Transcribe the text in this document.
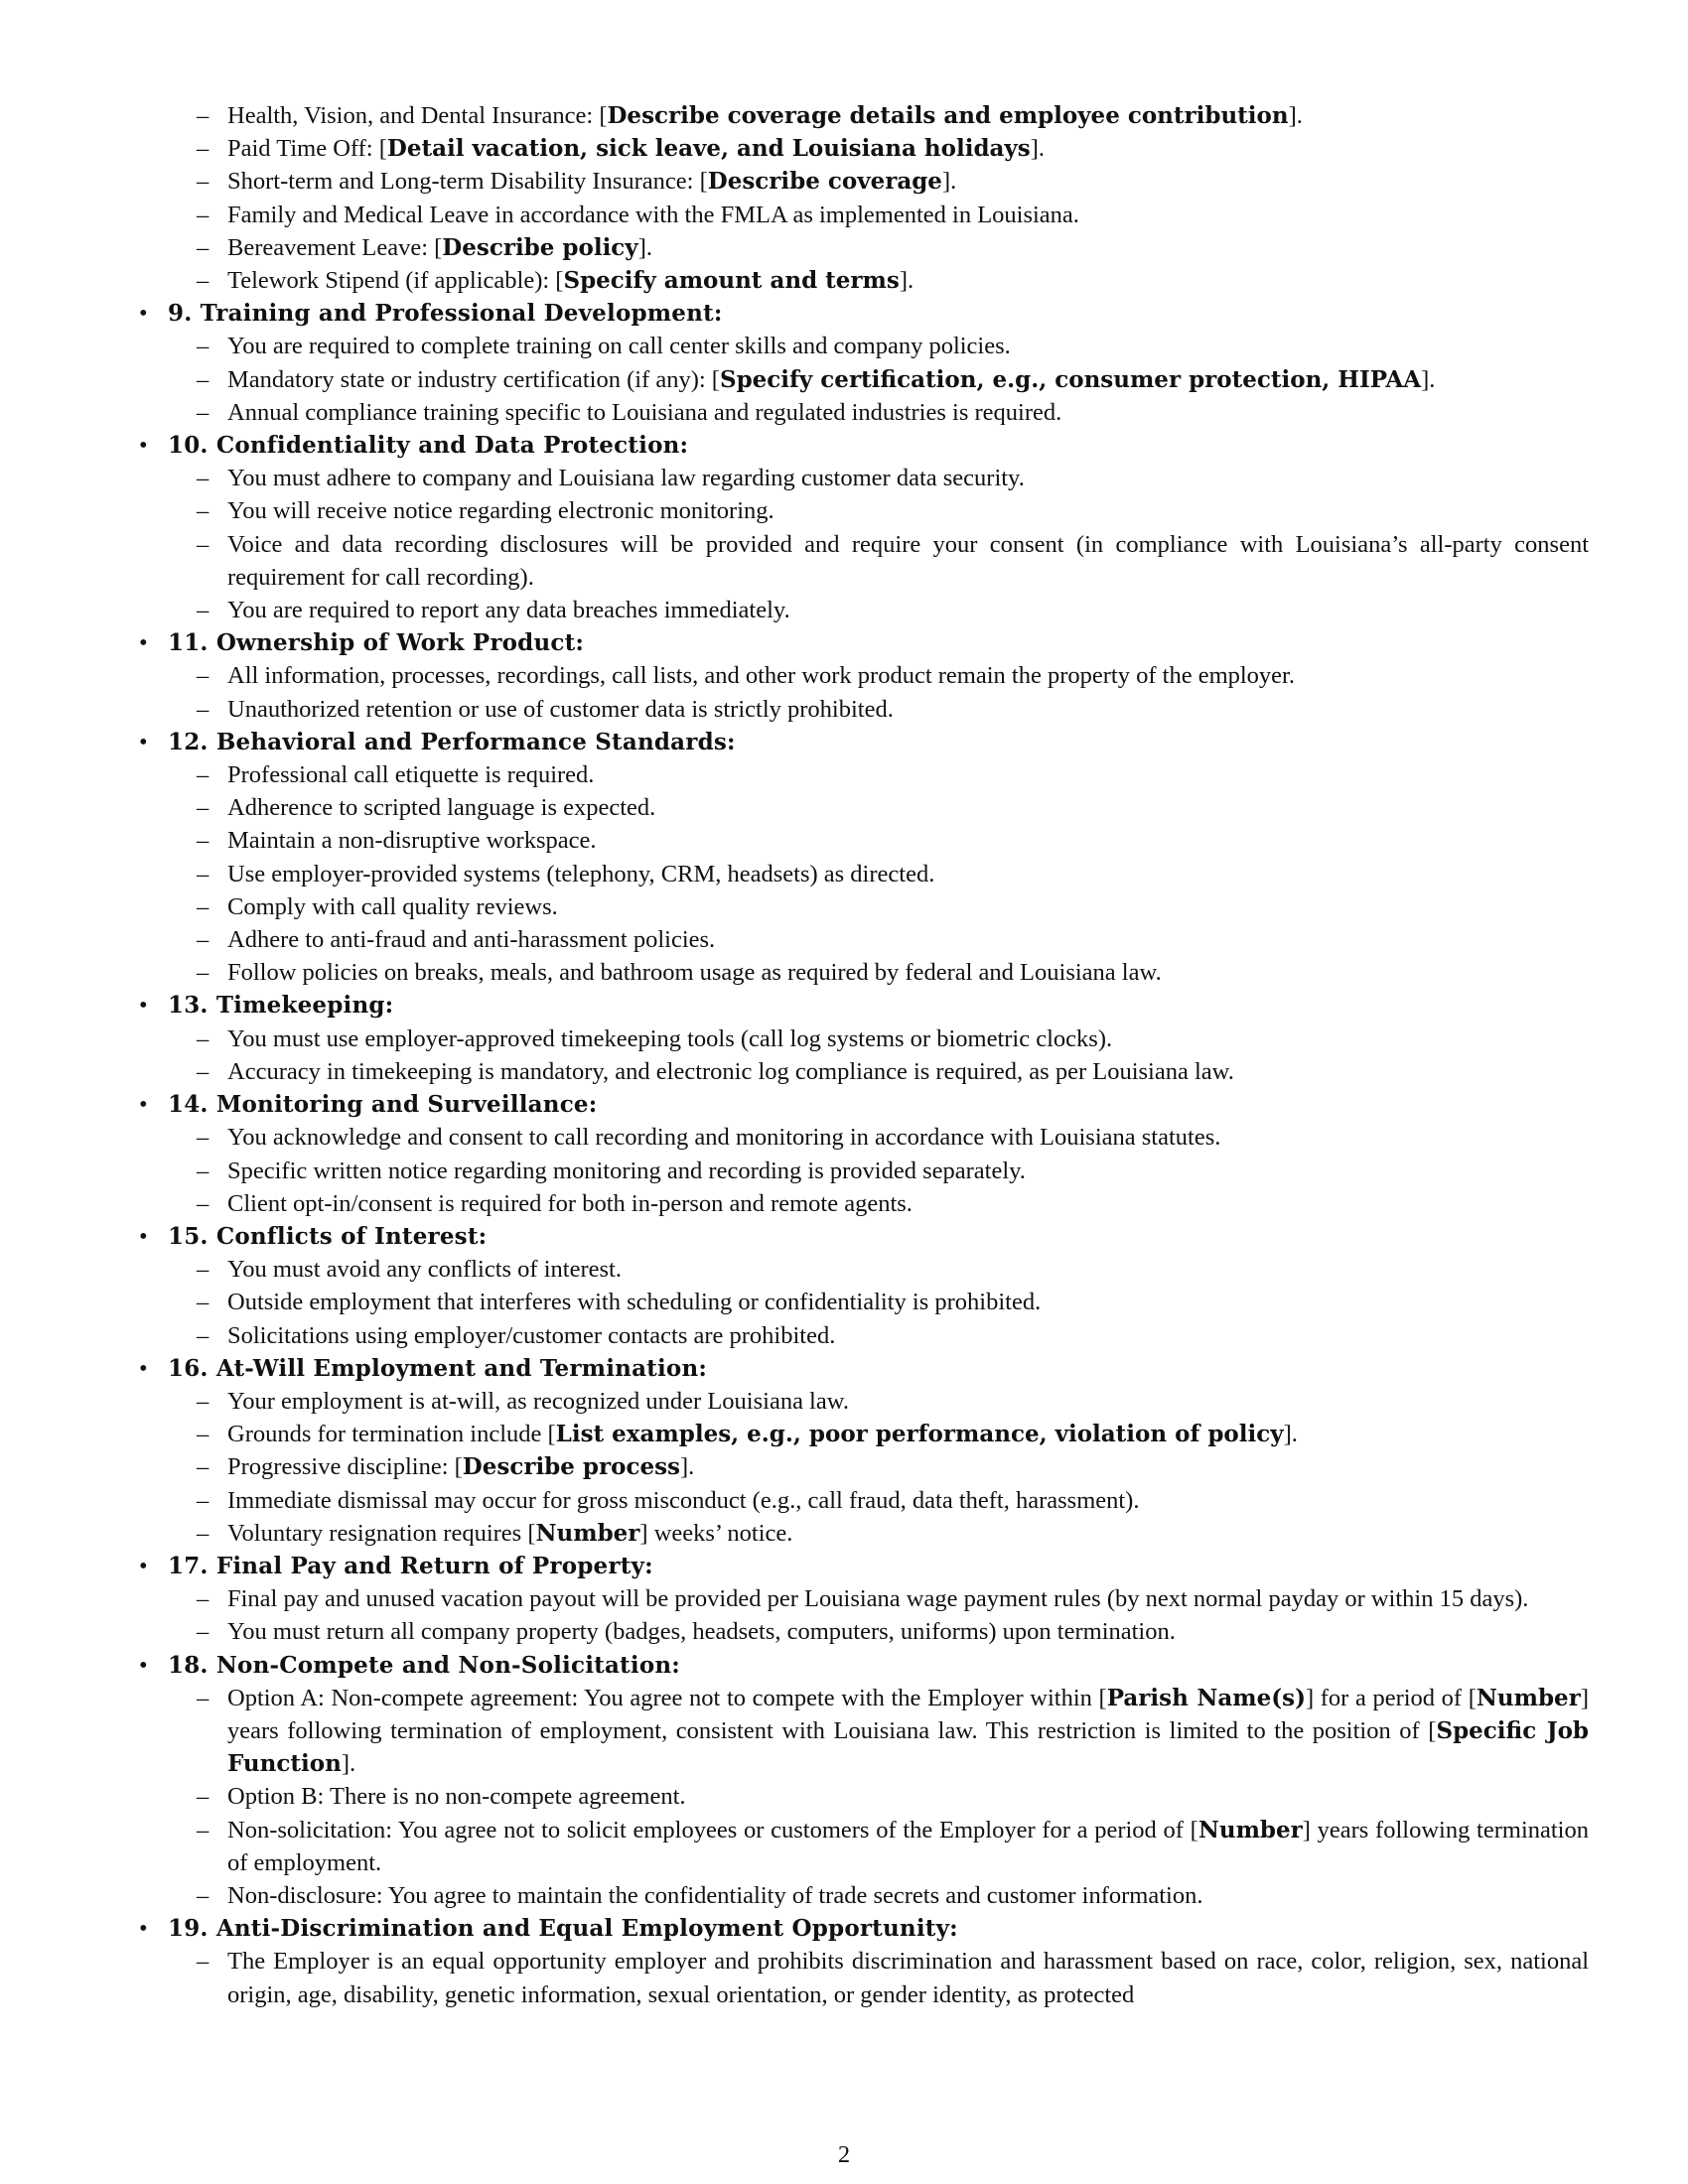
– Health, Vision, and Dental Insurance: [Describe coverage details and employee contribution].
– Paid Time Off: [Detail vacation, sick leave, and Louisiana holidays].
– Short-term and Long-term Disability Insurance: [Describe coverage].
– Family and Medical Leave in accordance with the FMLA as implemented in Louisiana.
– Bereavement Leave: [Describe policy].
– Telework Stipend (if applicable): [Specify amount and terms].
• 9. Training and Professional Development:
– You are required to complete training on call center skills and company policies.
– Mandatory state or industry certification (if any): [Specify certification, e.g., consumer protection, HIPAA].
– Annual compliance training specific to Louisiana and regulated industries is required.
• 10. Confidentiality and Data Protection:
– You must adhere to company and Louisiana law regarding customer data security.
– You will receive notice regarding electronic monitoring.
– Voice and data recording disclosures will be provided and require your consent (in compliance with Louisiana’s all-party consent requirement for call recording).
– You are required to report any data breaches immediately.
• 11. Ownership of Work Product:
– All information, processes, recordings, call lists, and other work product remain the property of the employer.
– Unauthorized retention or use of customer data is strictly prohibited.
• 12. Behavioral and Performance Standards:
– Professional call etiquette is required.
– Adherence to scripted language is expected.
– Maintain a non-disruptive workspace.
– Use employer-provided systems (telephony, CRM, headsets) as directed.
– Comply with call quality reviews.
– Adhere to anti-fraud and anti-harassment policies.
– Follow policies on breaks, meals, and bathroom usage as required by federal and Louisiana law.
• 13. Timekeeping:
– You must use employer-approved timekeeping tools (call log systems or biometric clocks).
– Accuracy in timekeeping is mandatory, and electronic log compliance is required, as per Louisiana law.
• 14. Monitoring and Surveillance:
– You acknowledge and consent to call recording and monitoring in accordance with Louisiana statutes.
– Specific written notice regarding monitoring and recording is provided separately.
– Client opt-in/consent is required for both in-person and remote agents.
• 15. Conflicts of Interest:
– You must avoid any conflicts of interest.
– Outside employment that interferes with scheduling or confidentiality is prohibited.
– Solicitations using employer/customer contacts are prohibited.
• 16. At-Will Employment and Termination:
– Your employment is at-will, as recognized under Louisiana law.
– Grounds for termination include [List examples, e.g., poor performance, violation of policy].
– Progressive discipline: [Describe process].
– Immediate dismissal may occur for gross misconduct (e.g., call fraud, data theft, harassment).
– Voluntary resignation requires [Number] weeks’ notice.
• 17. Final Pay and Return of Property:
– Final pay and unused vacation payout will be provided per Louisiana wage payment rules (by next normal payday or within 15 days).
– You must return all company property (badges, headsets, computers, uniforms) upon termination.
• 18. Non-Compete and Non-Solicitation:
– Option A: Non-compete agreement: You agree not to compete with the Employer within [Parish Name(s)] for a period of [Number] years following termination of employment, consistent with Louisiana law. This restriction is limited to the position of [Specific Job Function].
– Option B: There is no non-compete agreement.
– Non-solicitation: You agree not to solicit employees or customers of the Employer for a period of [Number] years following termination of employment.
– Non-disclosure: You agree to maintain the confidentiality of trade secrets and customer information.
• 19. Anti-Discrimination and Equal Employment Opportunity:
– The Employer is an equal opportunity employer and prohibits discrimination and harassment based on race, color, religion, sex, national origin, age, disability, genetic information, sexual orientation, or gender identity, as protected
2
